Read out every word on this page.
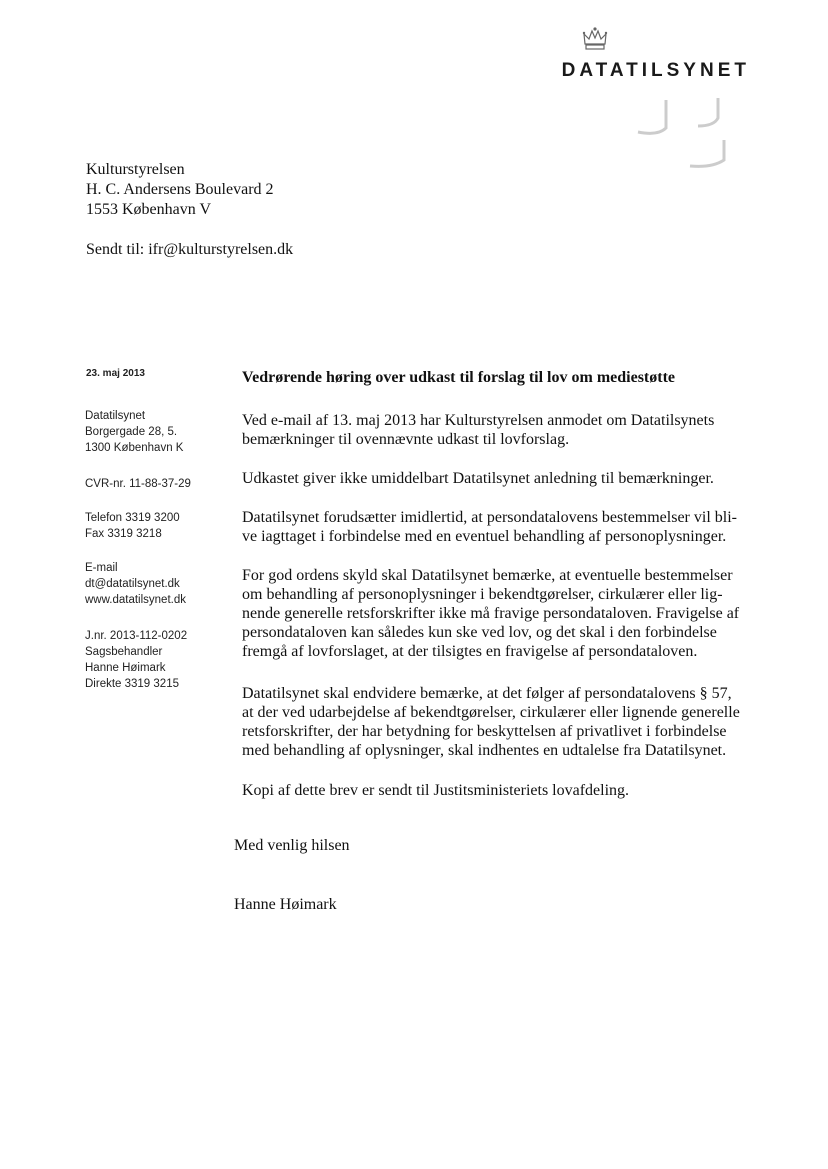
DATATILSYNET
Kulturstyrelsen
H. C. Andersens Boulevard 2
1553 København V
Sendt til: ifr@kulturstyrelsen.dk
23. maj 2013
Datatilsynet
Borgergade 28, 5.
1300 København K
CVR-nr. 11-88-37-29
Telefon 3319 3200
Fax 3319 3218
E-mail
dt@datatilsynet.dk
www.datatilsynet.dk
J.nr. 2013-112-0202
Sagsbehandler
Hanne Høimark
Direkte 3319 3215
Vedrørende høring over udkast til forslag til lov om mediestøtte
Ved e-mail af 13. maj 2013 har Kulturstyrelsen anmodet om Datatilsynets
bemærkninger til ovennævnte udkast til lovforslag.
Udkastet giver ikke umiddelbart Datatilsynet anledning til bemærkninger.
Datatilsynet forudsætter imidlertid, at persondatalovens bestemmelser vil bli-
ve iagttaget i forbindelse med en eventuel behandling af personoplysninger.
For god ordens skyld skal Datatilsynet bemærke, at eventuelle bestemmelser
om behandling af personoplysninger i bekendtgørelser, cirkulærer eller lig-
nende generelle retsforskrifter ikke må fravige persondataloven. Fravigelse af
persondataloven kan således kun ske ved lov, og det skal i den forbindelse
fremgå af lovforslaget, at der tilsigtes en fravigelse af persondataloven.
Datatilsynet skal endvidere bemærke, at det følger af persondatalovens § 57,
at der ved udarbejdelse af bekendtgørelser, cirkulærer eller lignende generelle
retsforskrifter, der har betydning for beskyttelsen af privatlivet i forbindelse
med behandling af oplysninger, skal indhentes en udtalelse fra Datatilsynet.
Kopi af dette brev er sendt til Justitsministeriets lovafdeling.
Med venlig hilsen
Hanne Høimark
